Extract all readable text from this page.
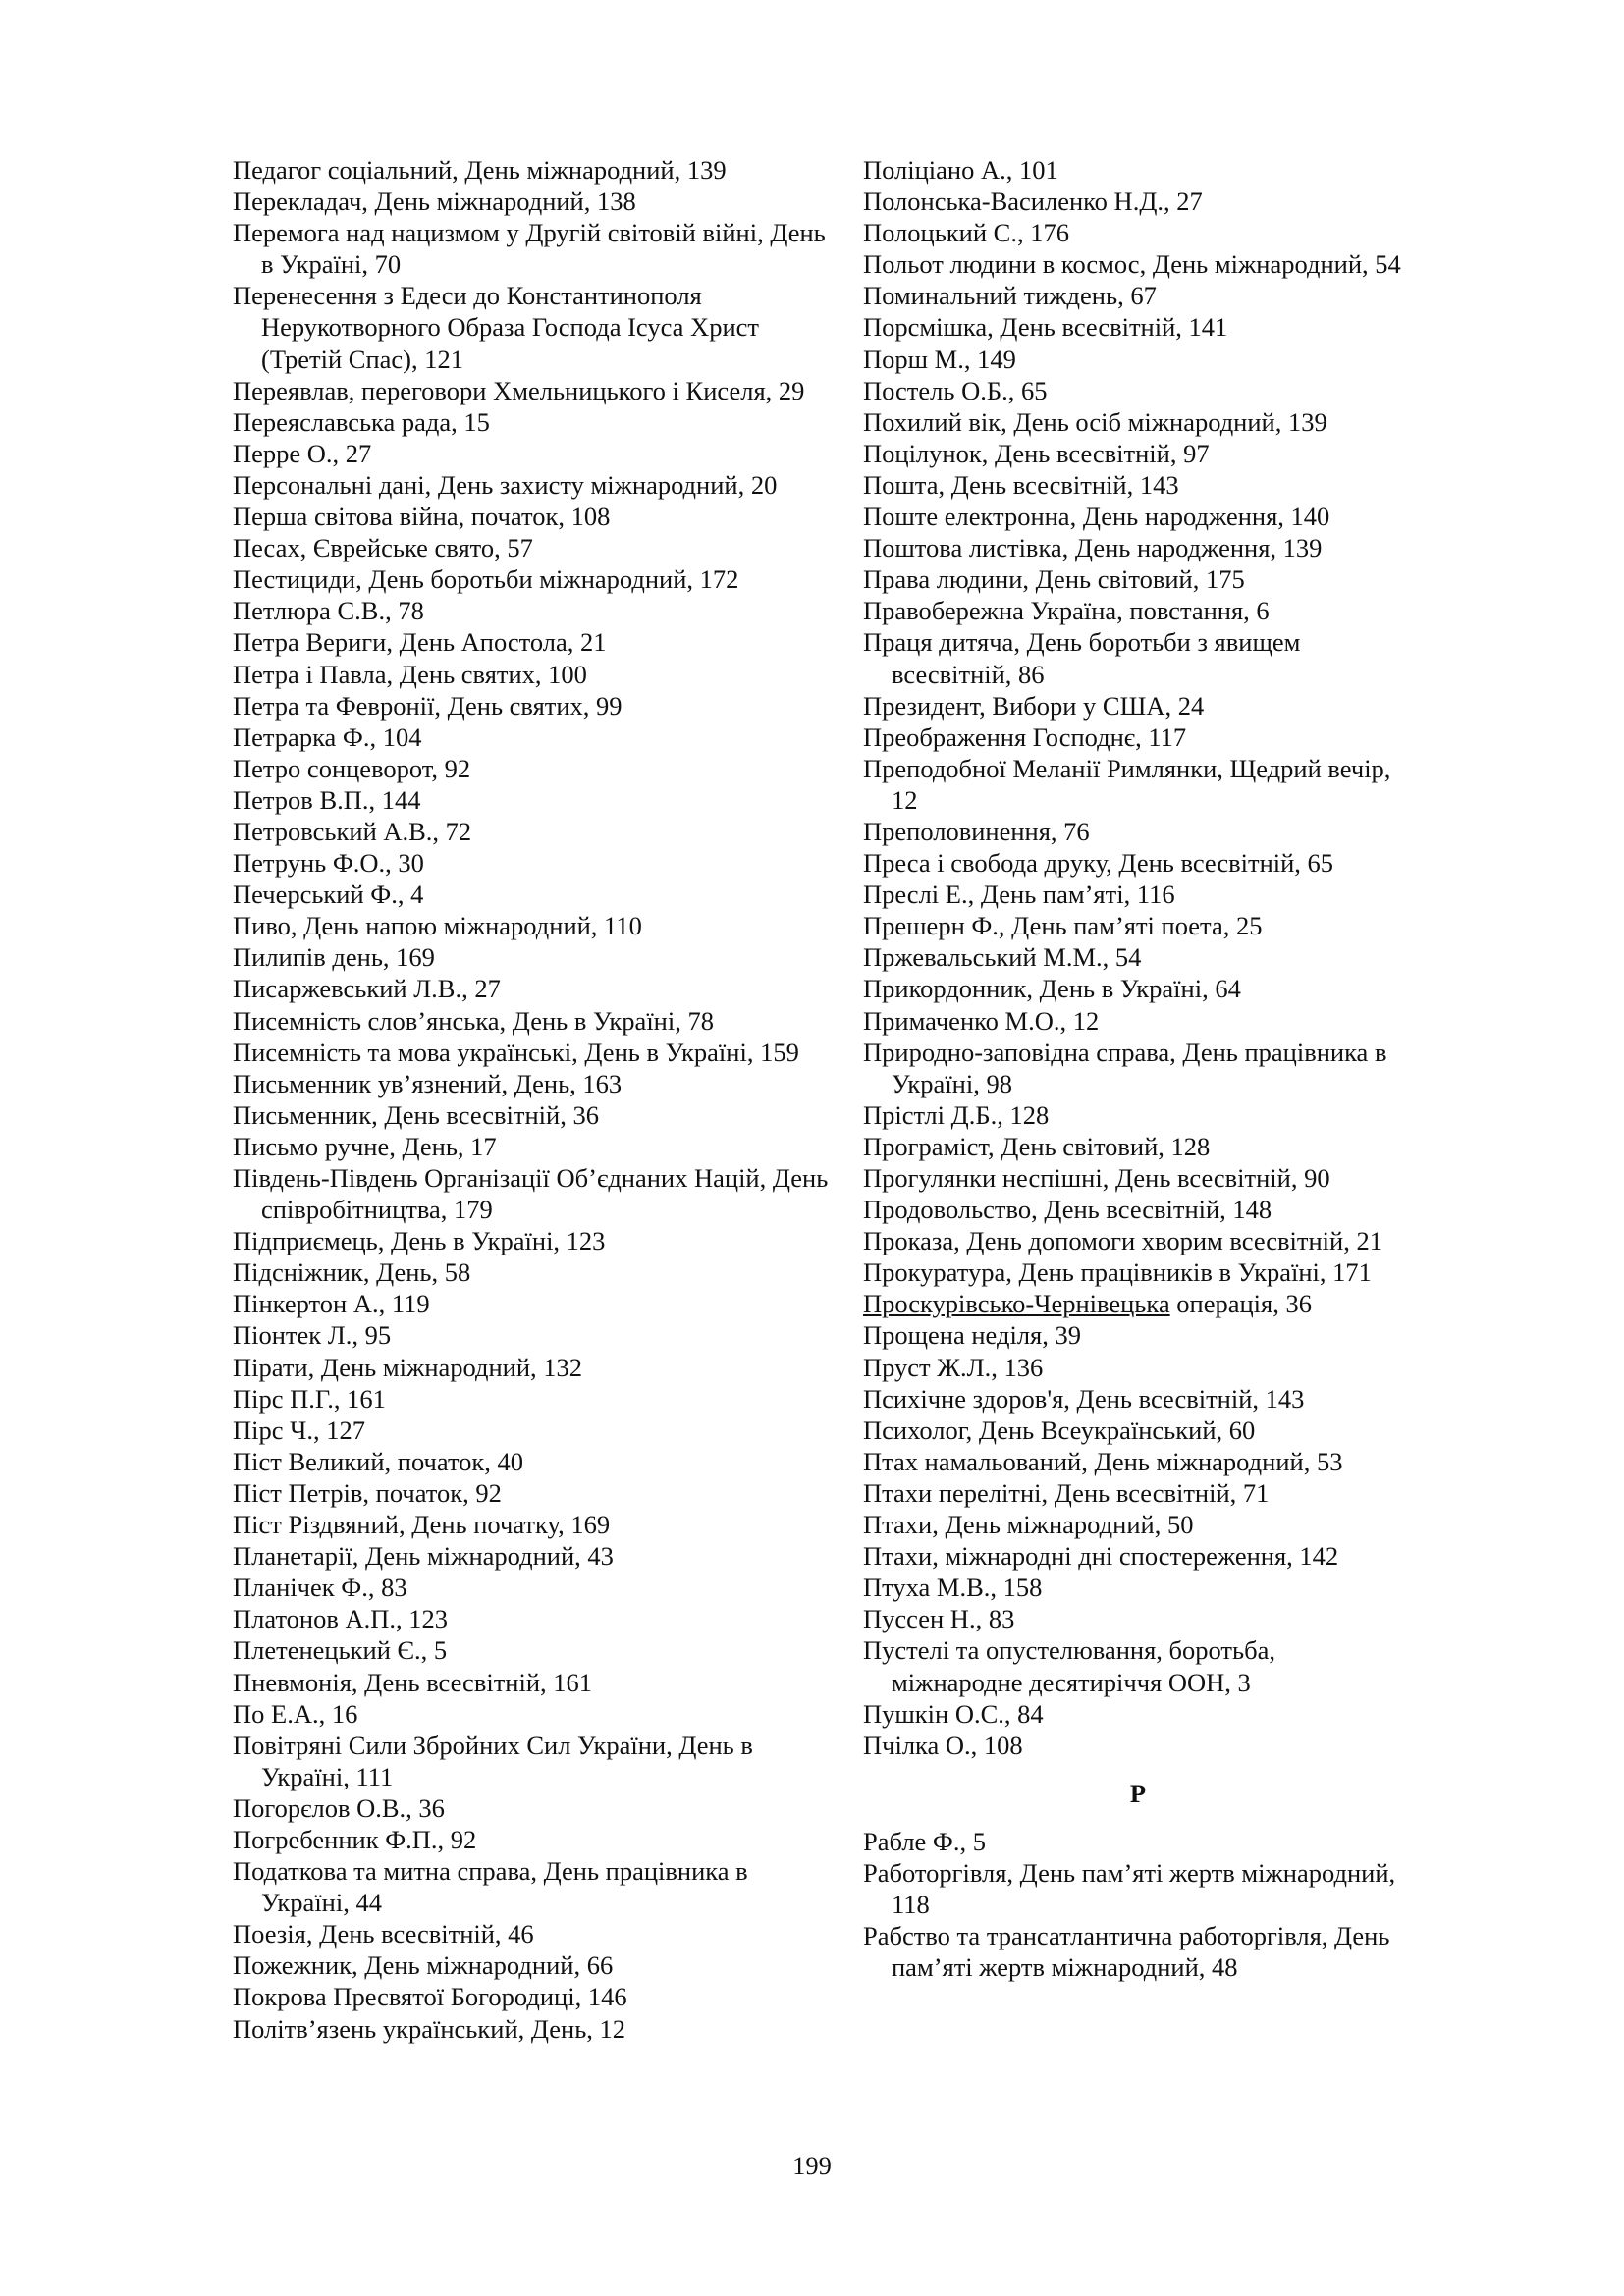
Педагог соціальний, День міжнародний, 139

Перекладач, День міжнародний, 138

Перемога над нацизмом у Другій світовій війні, День в Україні, 70

Перенесення з Едеси до Константинополя Нерукотворного Образа Господа Ісуса Христ (Третій Спас), 121

Переявлав, переговори Хмельницького і Киселя, 29

Переяславська рада, 15

Перре О., 27

Персональні дані, День захисту міжнародний, 20

Перша світова війна, початок, 108

Песах, Єврейське свято, 57

Пестициди, День боротьби міжнародний, 172

Петлюра С.В., 78

Петра Вериги, День Апостола, 21

Петра і Павла, День святих, 100

Петра та Февронії, День святих, 99

Петрарка Ф., 104

Петро сонцеворот, 92

Петров В.П., 144

Петровський А.В., 72

Петрунь Ф.О., 30

Печерський Ф., 4

Пиво, День напою міжнародний, 110

Пилипів день, 169

Писаржевський Л.В., 27

Писемність слов’янська, День в Україні, 78

Писемність та мова українські, День в Україні, 159

Письменник ув’язнений, День, 163

Письменник, День всесвітній, 36

Письмо ручне, День, 17

Південь-Південь Організації Об’єднаних Націй, День співробітництва, 179

Підприємець, День в Україні, 123

Підсніжник, День, 58

Пінкертон А., 119

Піонтек Л., 95

Пірати, День міжнародний, 132

Пірс П.Г., 161

Пірс Ч., 127

Піст Великий, початок, 40

Піст Петрів, початок, 92

Піст Різдвяний, День початку, 169

Планетарії, День міжнародний, 43

Планічек Ф., 83

Платонов А.П., 123

Плетенецький Є., 5

Пневмонія, День всесвітній, 161

По Е.А., 16

Повітряні Сили Збройних Сил України, День в Україні, 111

Погорєлов О.В., 36

Погребенник Ф.П., 92

Податкова та митна справа, День працівника в Україні, 44

Поезія, День всесвітній, 46

Пожежник, День міжнародний, 66

Покрова Пресвятої Богородиці, 146

Політв’язень український, День, 12

Поліціано А., 101

Полонська-Василенко Н.Д., 27

Полоцький С., 176

Польот людини в космос, День міжнародний, 54

Поминальний тиждень, 67

Порсмішка, День всесвітній, 141

Порш М., 149

Постель О.Б., 65

Похилий вік, День осіб міжнародний, 139

Поцілунок, День всесвітній, 97

Пошта, День всесвітній, 143

Поште електронна, День народження, 140

Поштова листівка, День народження, 139

Права людини, День світовий, 175

Правобережна Україна, повстання, 6

Праця дитяча, День боротьби з явищем всесвітній, 86

Президент, Вибори у США, 24

Преображення Господнє, 117

Преподобної Меланії Римлянки, Щедрий вечір, 12

Преполовинення, 76

Преса і свобода друку, День всесвітній, 65

Преслі Е., День пам’яті, 116

Прешерн Ф., День пам’яті поета, 25

Пржевальський М.М., 54

Прикордонник, День в Україні, 64

Примаченко М.О., 12

Природно-заповідна справа, День працівника в Україні, 98

Прістлі Д.Б., 128

Програміст, День світовий, 128

Прогулянки неспішні, День всесвітній, 90

Продовольство, День всесвітній, 148

Проказа, День допомоги хворим всесвітній, 21

Прокуратура, День працівників в Україні, 171

Проскурівсько-Чернівецька операція, 36

Прощена неділя, 39

Пруст Ж.Л., 136

Психічне здоров'я, День всесвітній, 143

Психолог, День Всеукраїнський, 60

Птах намальований, День міжнародний, 53

Птахи перелітні, День всесвітній, 71

Птахи, День міжнародний, 50

Птахи, міжнародні дні спостереження, 142

Птуха М.В., 158

Пуссен Н., 83

Пустелі та опустелювання, боротьба, міжнародне десятиріччя ООН, 3

Пушкін О.С., 84

Пчілка О., 108

Р

Рабле Ф., 5

Работоргівля, День пам’яті жертв міжнародний, 118

Рабство та трансатлантична работоргівля, День пам’яті жертв міжнародний, 48

199
